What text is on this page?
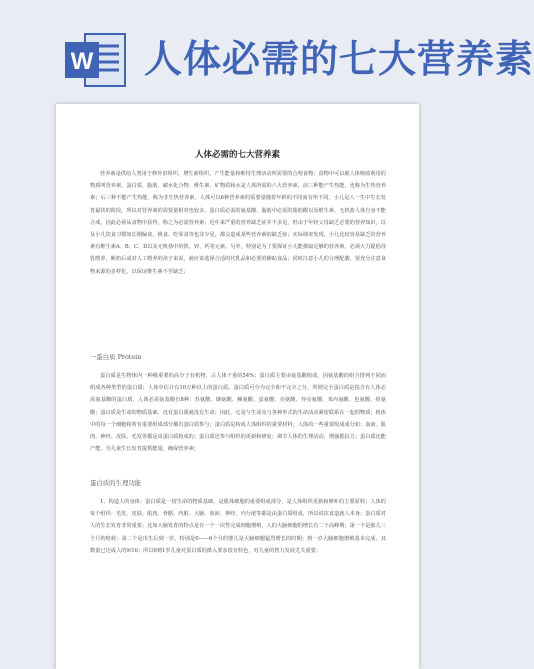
W 人体必需的七大营养素
人体必需的七大营养素

营养素是供给人类用于修补旧组织，增生新组织，产生能量和维持生理活动所需要的合理食物；食物中可以被人体吸收利用的物质叫营养素。蛋白质、脂肪、碳水化合物、维生素、矿物质和水是人体所需的六大营养素，前三种能产生热能，也称为生热营养素；后三种不能产生热能，称为非生热营养素。人体可以6种营养素的需要量随着年龄的不同而有所不同，小儿是人一生中生长发育最快的阶段，所以对营养素的需要量相对也较多。蛋白质必需的氨基酸、脂肪中必需的脂肪酸以及维生素、无机盐人体自身不能合成，因此必须从食物中获得，称之为必需营养素；近年来严重的营养缺乏症并不多见，但由于年轻父母缺乏必要的营养知识，以及小儿饮食习惯如长期偏食、挑食、吃零食等也非少见，都会造成某些营养素的缺乏症；实际调查发现，小儿比较容易缺乏的营养素有维生素A、B、C、D以及无机盐中的铁、锌、钙等元素。另外，特别是为了要保证小儿能摄取足够的营养素，必须大力提倡母乳喂养，断奶后或对人工喂养的孩子来说，就应该选择合适的代乳品和必要的辅助食品；同时注意小儿的合理配膳，要充分注意食物来源的多样化，以保证维生素不至缺乏；

一蛋白质 Protein

蛋白质是生物体内一种极重要的高分子有机物，占人体干重的54%；蛋白质主要由氨基酸组成，因氨基酸的组合排列不同而组成各种类型的蛋白质；人体中估计有10万种以上的蛋白质。蛋白质可分为完全和不完全之分，所谓完全蛋白质是指含有人体必需氨基酸的蛋白质，人体必需氨基酸有8种：苏氨酸、缬氨酸、赖氨酸、蛋氨酸、亮氨酸、异亮氨酸、苯丙氨酸、色氨酸、组氨酸；蛋白质是生命的物质基础，没有蛋白质就没有生命；因此，它是与生命及与各种形式的生命活动紧密联系在一起的物质；机体中的每一个细胞和所有重要组成部分都有蛋白质参与；蛋白质是构成人体组织的重要材料；人体的一些重要组成成分如：血液、肌肉、神经、皮肤、毛发等都是由蛋白质构成的；蛋白质还参与组织的更新和修复；调节人体的生理活动，增强抵抗力；蛋白质还能产能，为儿童生长发育提供能量，确保营养素；

蛋白质的生理功能

1、构造人的身体：蛋白质是一切生命的物质基础，是肌体细胞的重要组成部分，是人体组织更新和修补的主要原料；人体的每个组织：毛发、皮肤、肌肉、骨骼、内脏、大脑、血液、神经、内分泌等都是由蛋白质组成，所以说饮食造就人本身；蛋白质对人的生长发育非常重要；比如大脑发育的特点是有一个一次性完成细胞增殖，人的大脑细胞的增长有二个高峰期；第一个是胎儿三个月的时候；第二个是出生后到一岁，特别是0——6个月的婴儿是大脑细胞猛烈增长的时期；到一岁大脑细胞增殖基本完成，其数量已达成人的9/10；所以0到1岁儿童对蛋白质的摄入要求很有特色，对儿童的智力发展尤关重要；
